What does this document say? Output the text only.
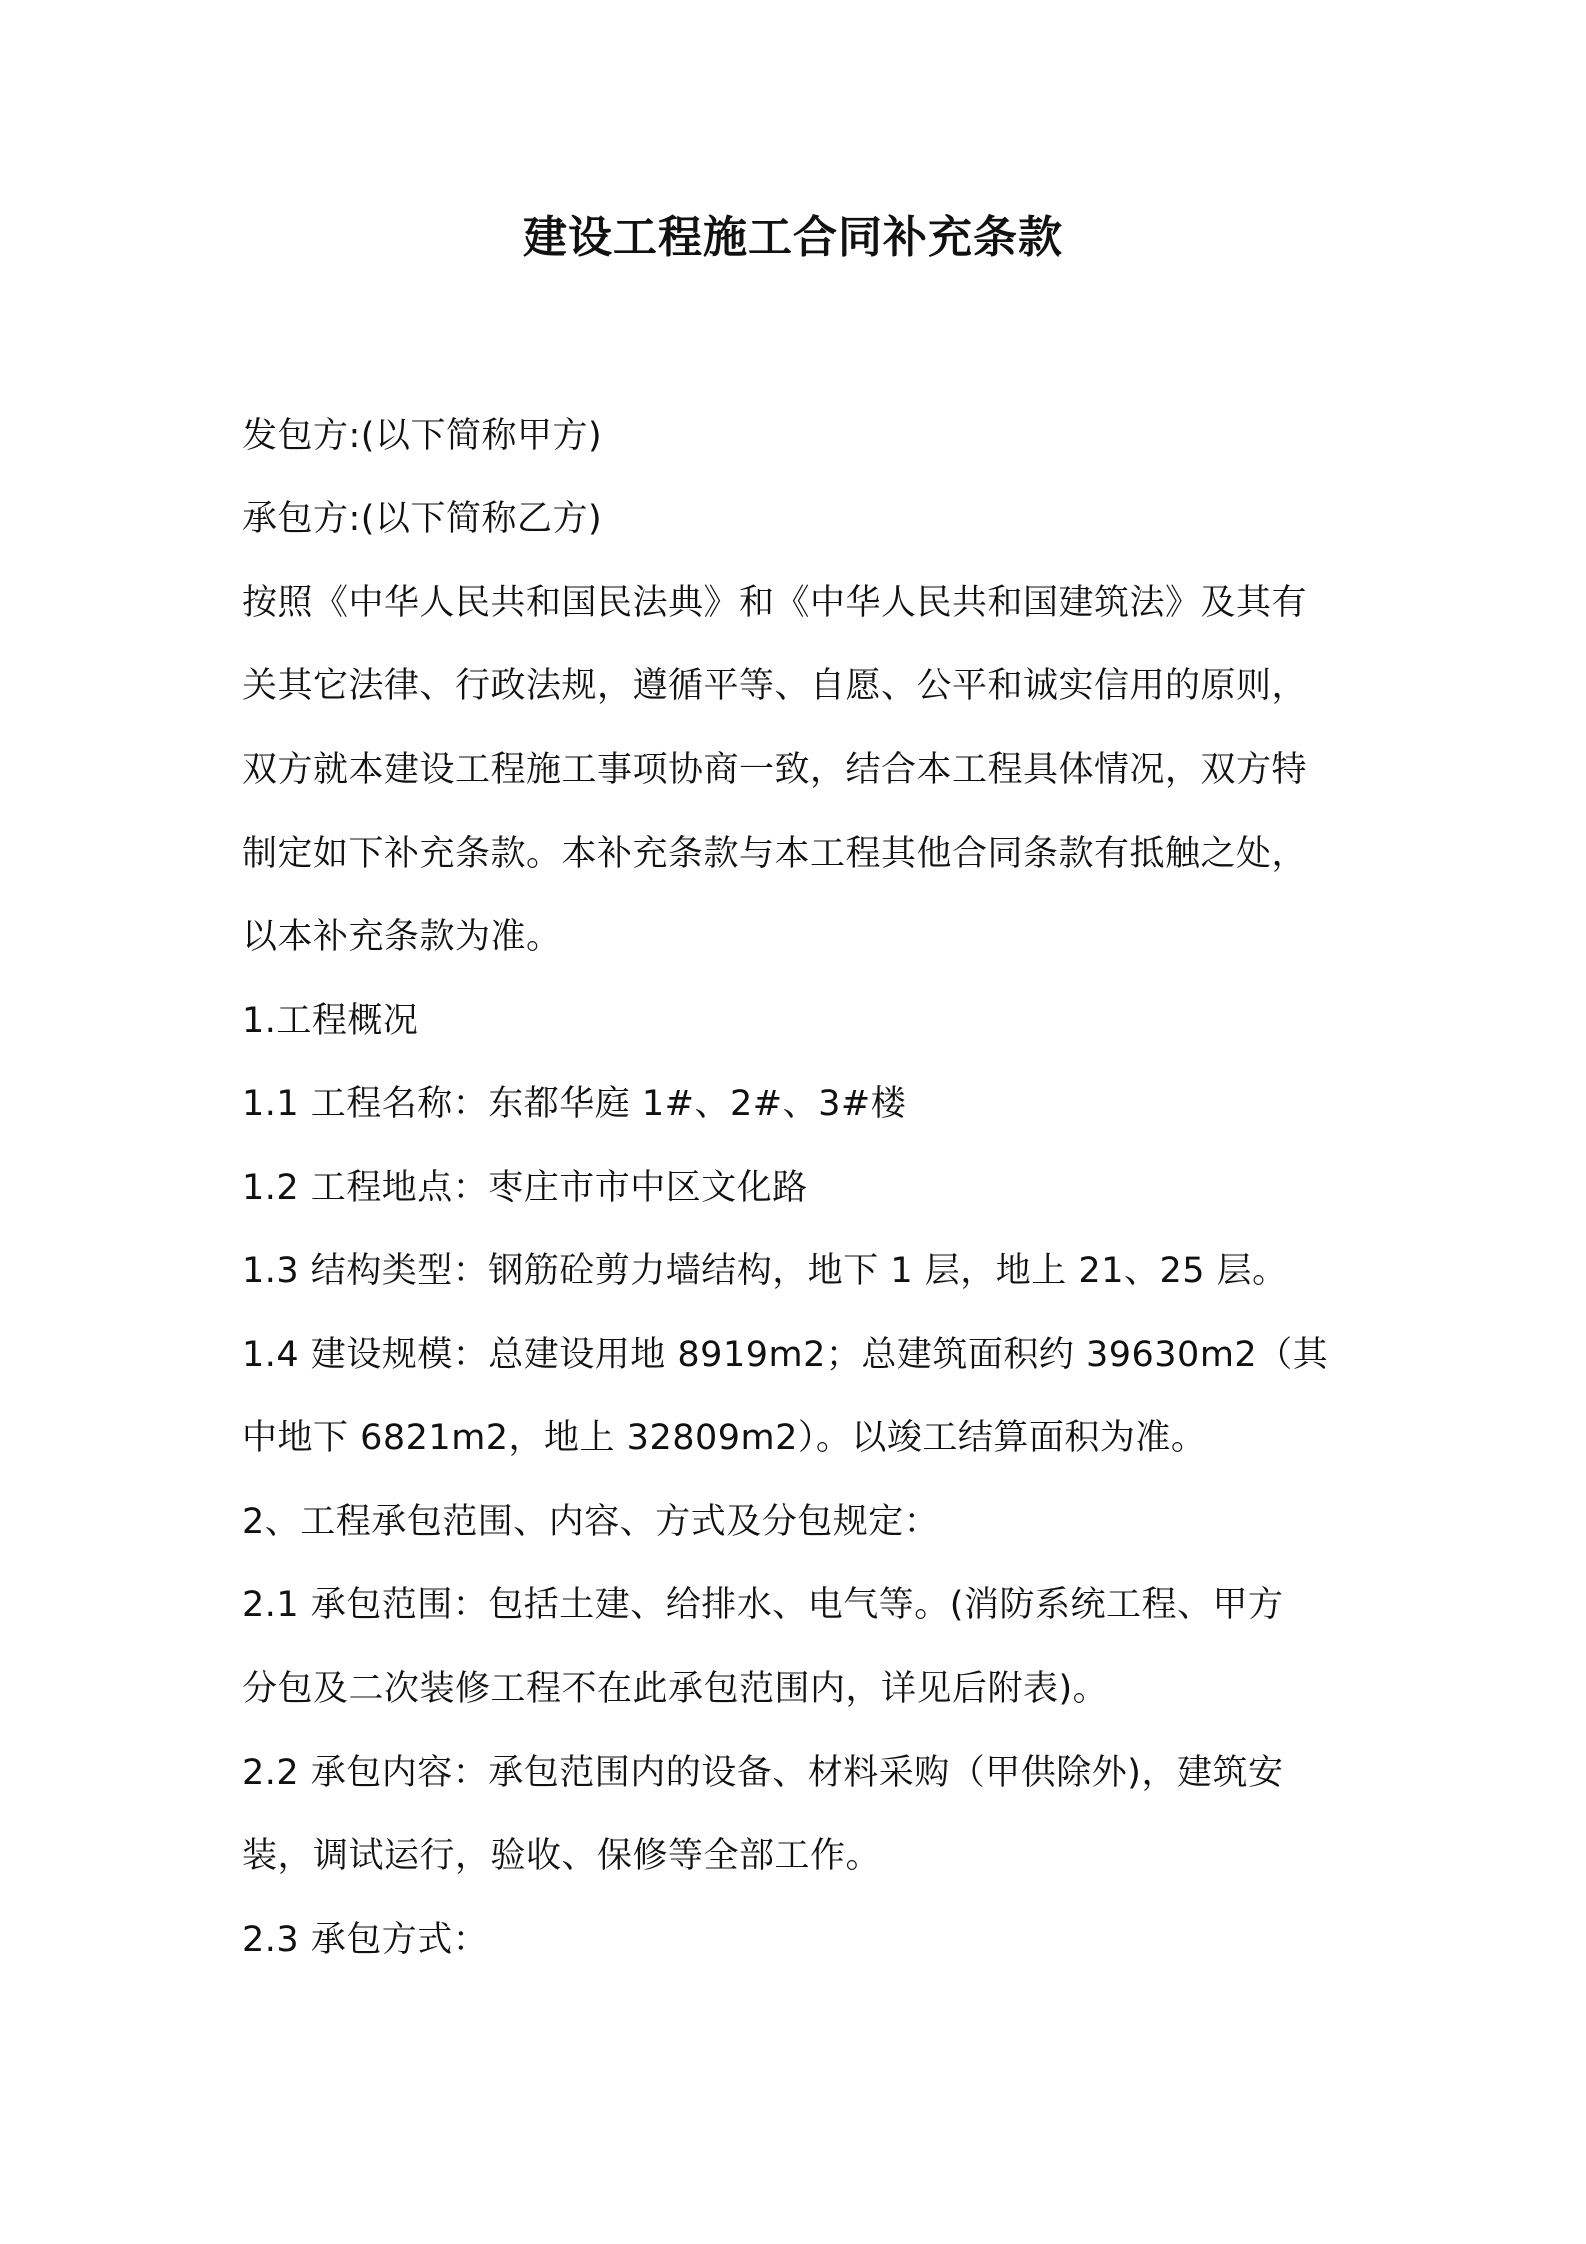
建设工程施工合同补充条款
发包方:(以下简称甲方)
承包方:(以下简称乙方)
按照《中华人民共和国民法典》和《中华人民共和国建筑法》及其有
关其它法律、行政法规，遵循平等、自愿、公平和诚实信用的原则，
双方就本建设工程施工事项协商一致，结合本工程具体情况，双方特
制定如下补充条款。本补充条款与本工程其他合同条款有抵触之处，
以本补充条款为准。
1.工程概况
1.1 工程名称：东都华庭 1#、2#、3#楼
1.2 工程地点：枣庄市市中区文化路
1.3 结构类型：钢筋砼剪力墙结构，地下 1 层，地上 21、25 层。
1.4 建设规模：总建设用地 8919m2；总建筑面积约 39630m2（其
中地下 6821m2，地上 32809m2）。以竣工结算面积为准。
2、工程承包范围、内容、方式及分包规定：
2.1 承包范围：包括土建、给排水、电气等。(消防系统工程、甲方
分包及二次装修工程不在此承包范围内，详见后附表)。
2.2 承包内容：承包范围内的设备、材料采购（甲供除外)，建筑安
装，调试运行，验收、保修等全部工作。
2.3 承包方式：
